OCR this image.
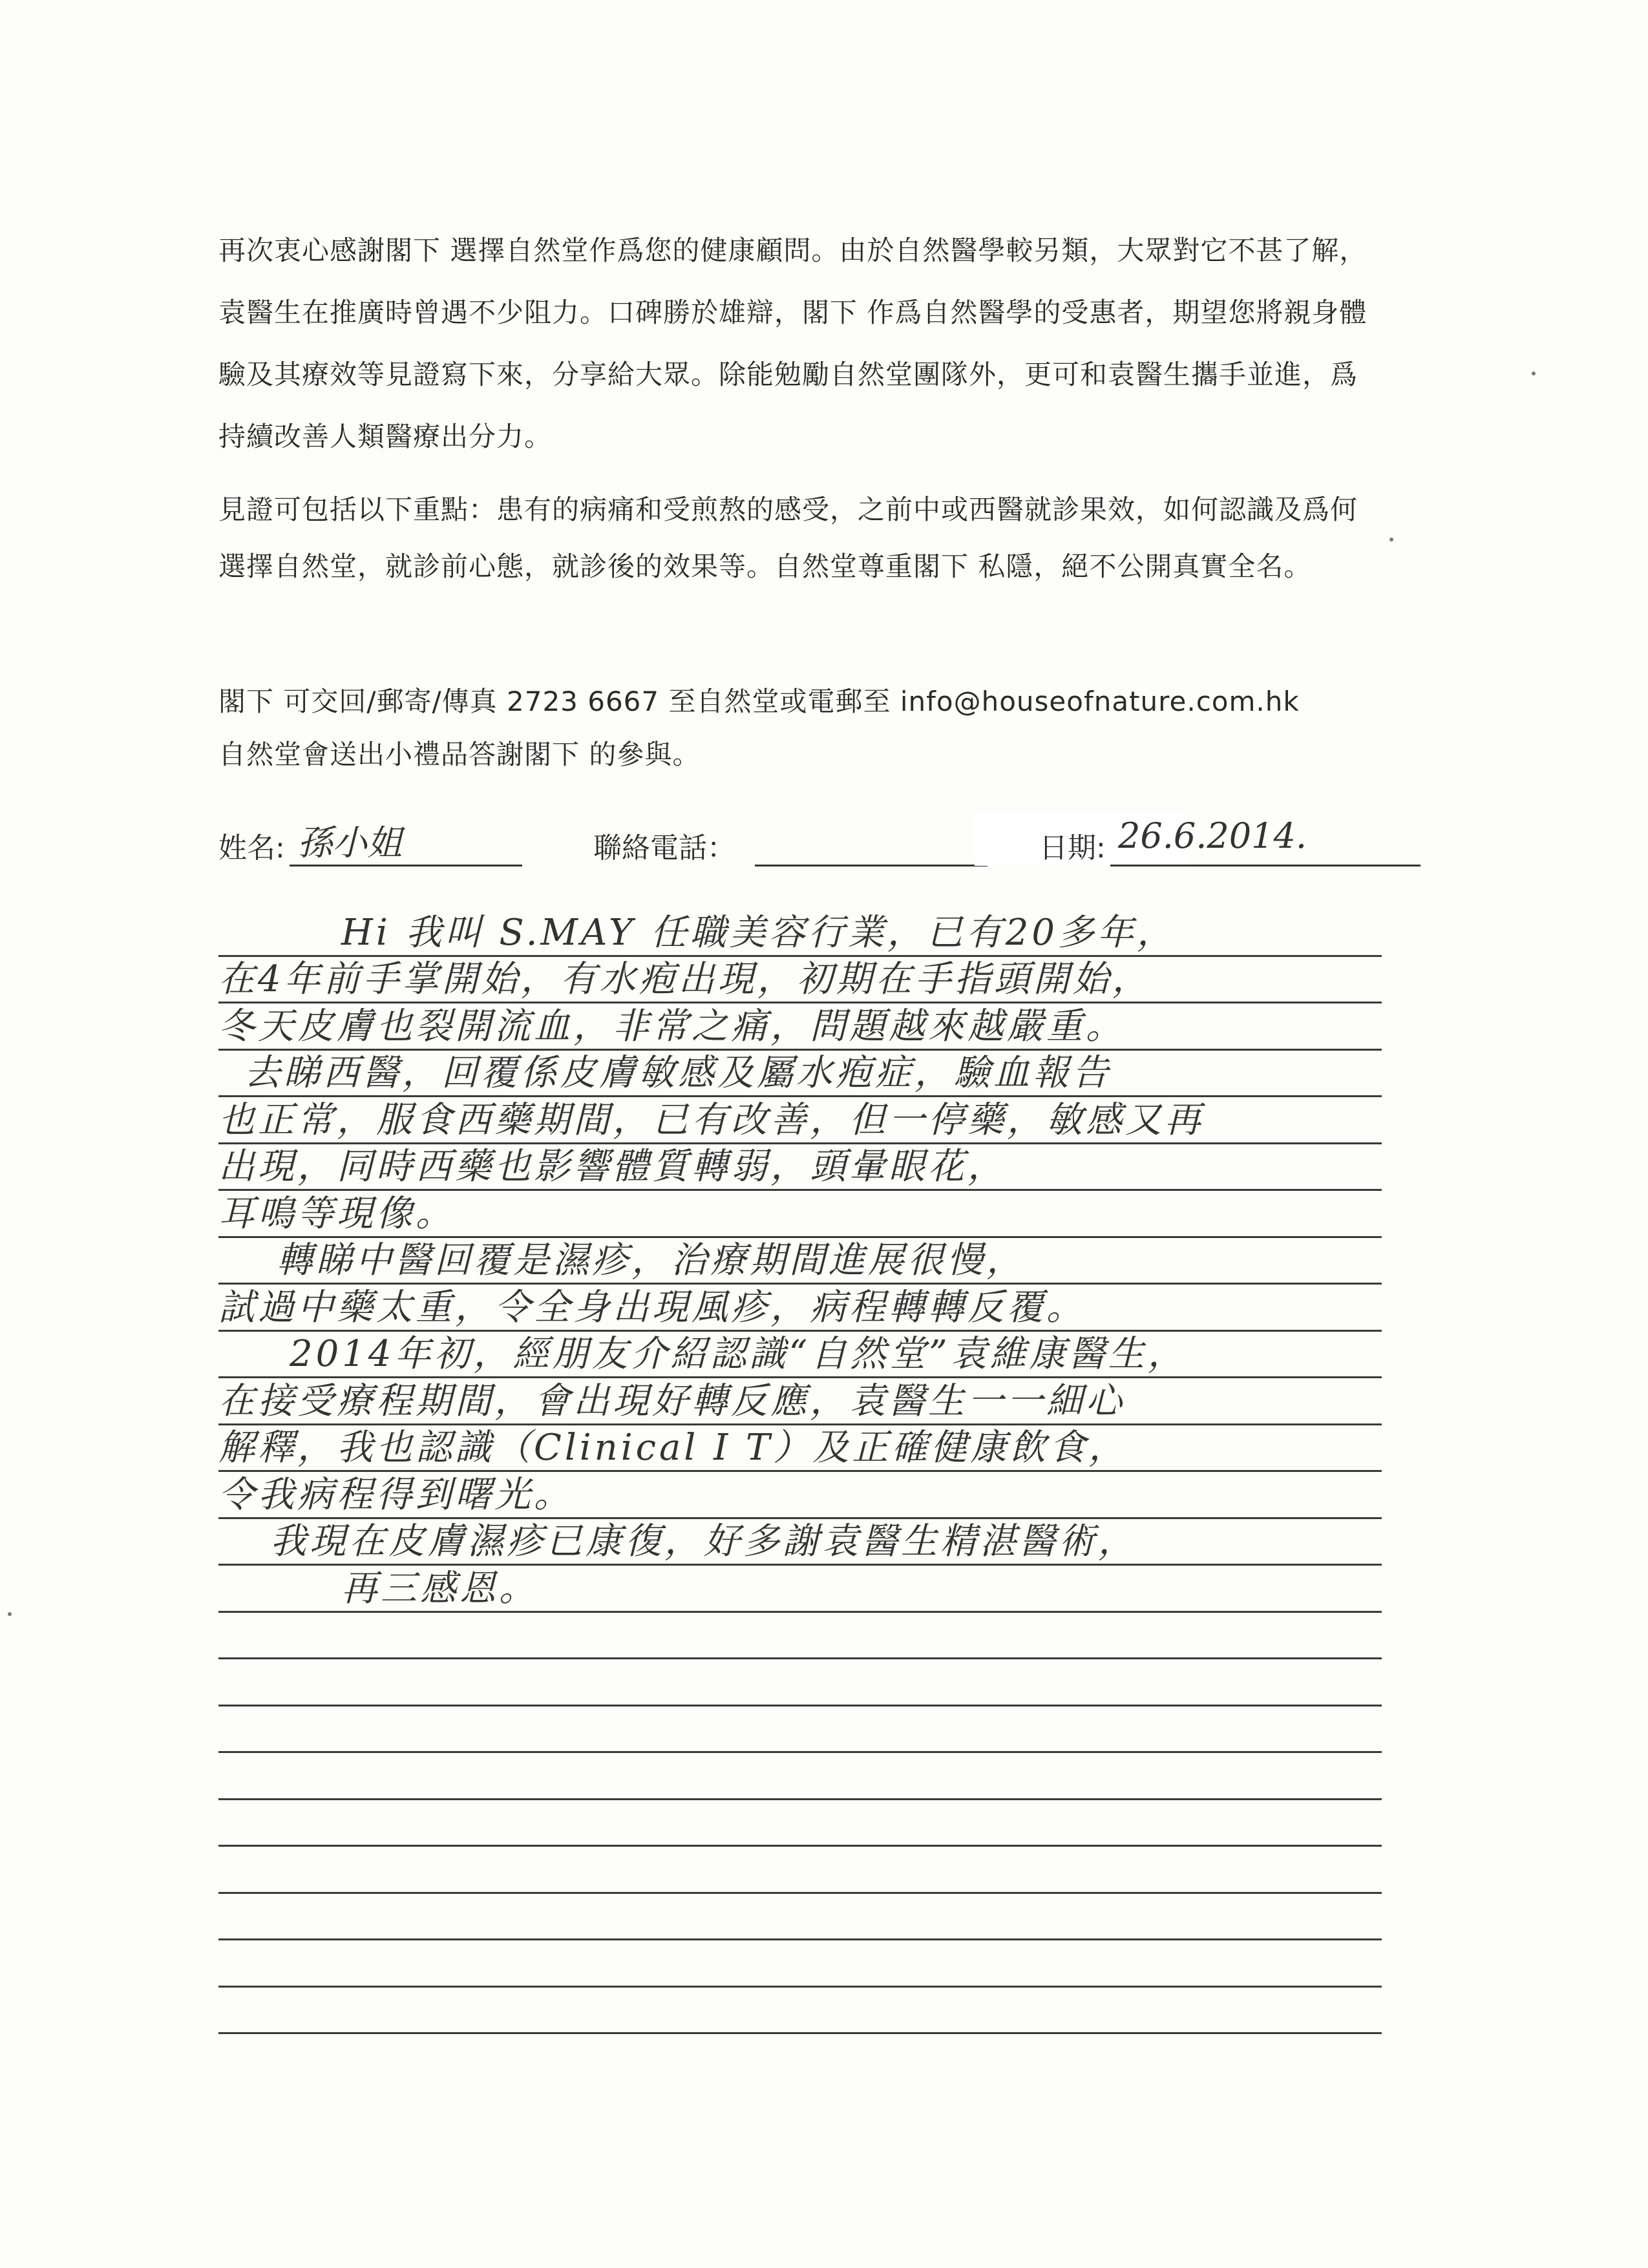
再次衷心感謝閣下 選擇自然堂作爲您的健康顧問。由於自然醫學較另類，大眾對它不甚了解，袁醫生在推廣時曾遇不少阻力。口碑勝於雄辯，閣下 作爲自然醫學的受惠者，期望您將親身體驗及其療效等見證寫下來，分享給大眾。除能勉勵自然堂團隊外，更可和袁醫生攜手並進，爲持續改善人類醫療出分力。

見證可包括以下重點：患有的病痛和受煎熬的感受，之前中或西醫就診果效，如何認識及爲何選擇自然堂，就診前心態，就診後的效果等。自然堂尊重閣下 私隱，絕不公開真實全名。

閣下 可交回/郵寄/傳真 2723 6667 至自然堂或電郵至 info@houseofnature.com.hk

自然堂會送出小禮品答謝閣下 的參與。

姓名: 孫小姐	聯絡電話：	日期: 26.6.2014.
Hi 我叫 S.MAY 任職美容行業，已有20多年，
在4年前手掌開始，有水疱出現，初期在手指頭開始，
冬天皮膚也裂開流血，非常之痛，問題越來越嚴重。
去睇西醫，回覆係皮膚敏感及屬水疱症，驗血報告
也正常，服食西藥期間，已有改善，但一停藥，敏感又再
出現，同時西藥也影響體質轉弱，頭暈眼花，
耳鳴等現像。
轉睇中醫回覆是濕疹，治療期間進展很慢，
試過中藥太重，令全身出現風疹，病程轉轉反覆。
2014年初，經朋友介紹認識“自然堂”袁維康醫生，
在接受療程期間，會出現好轉反應，袁醫生一一細心
解釋，我也認識（Clinical I T）及正確健康飲食，
令我病程得到曙光。
我現在皮膚濕疹已康復，好多謝袁醫生精湛醫術，
再三感恩。
